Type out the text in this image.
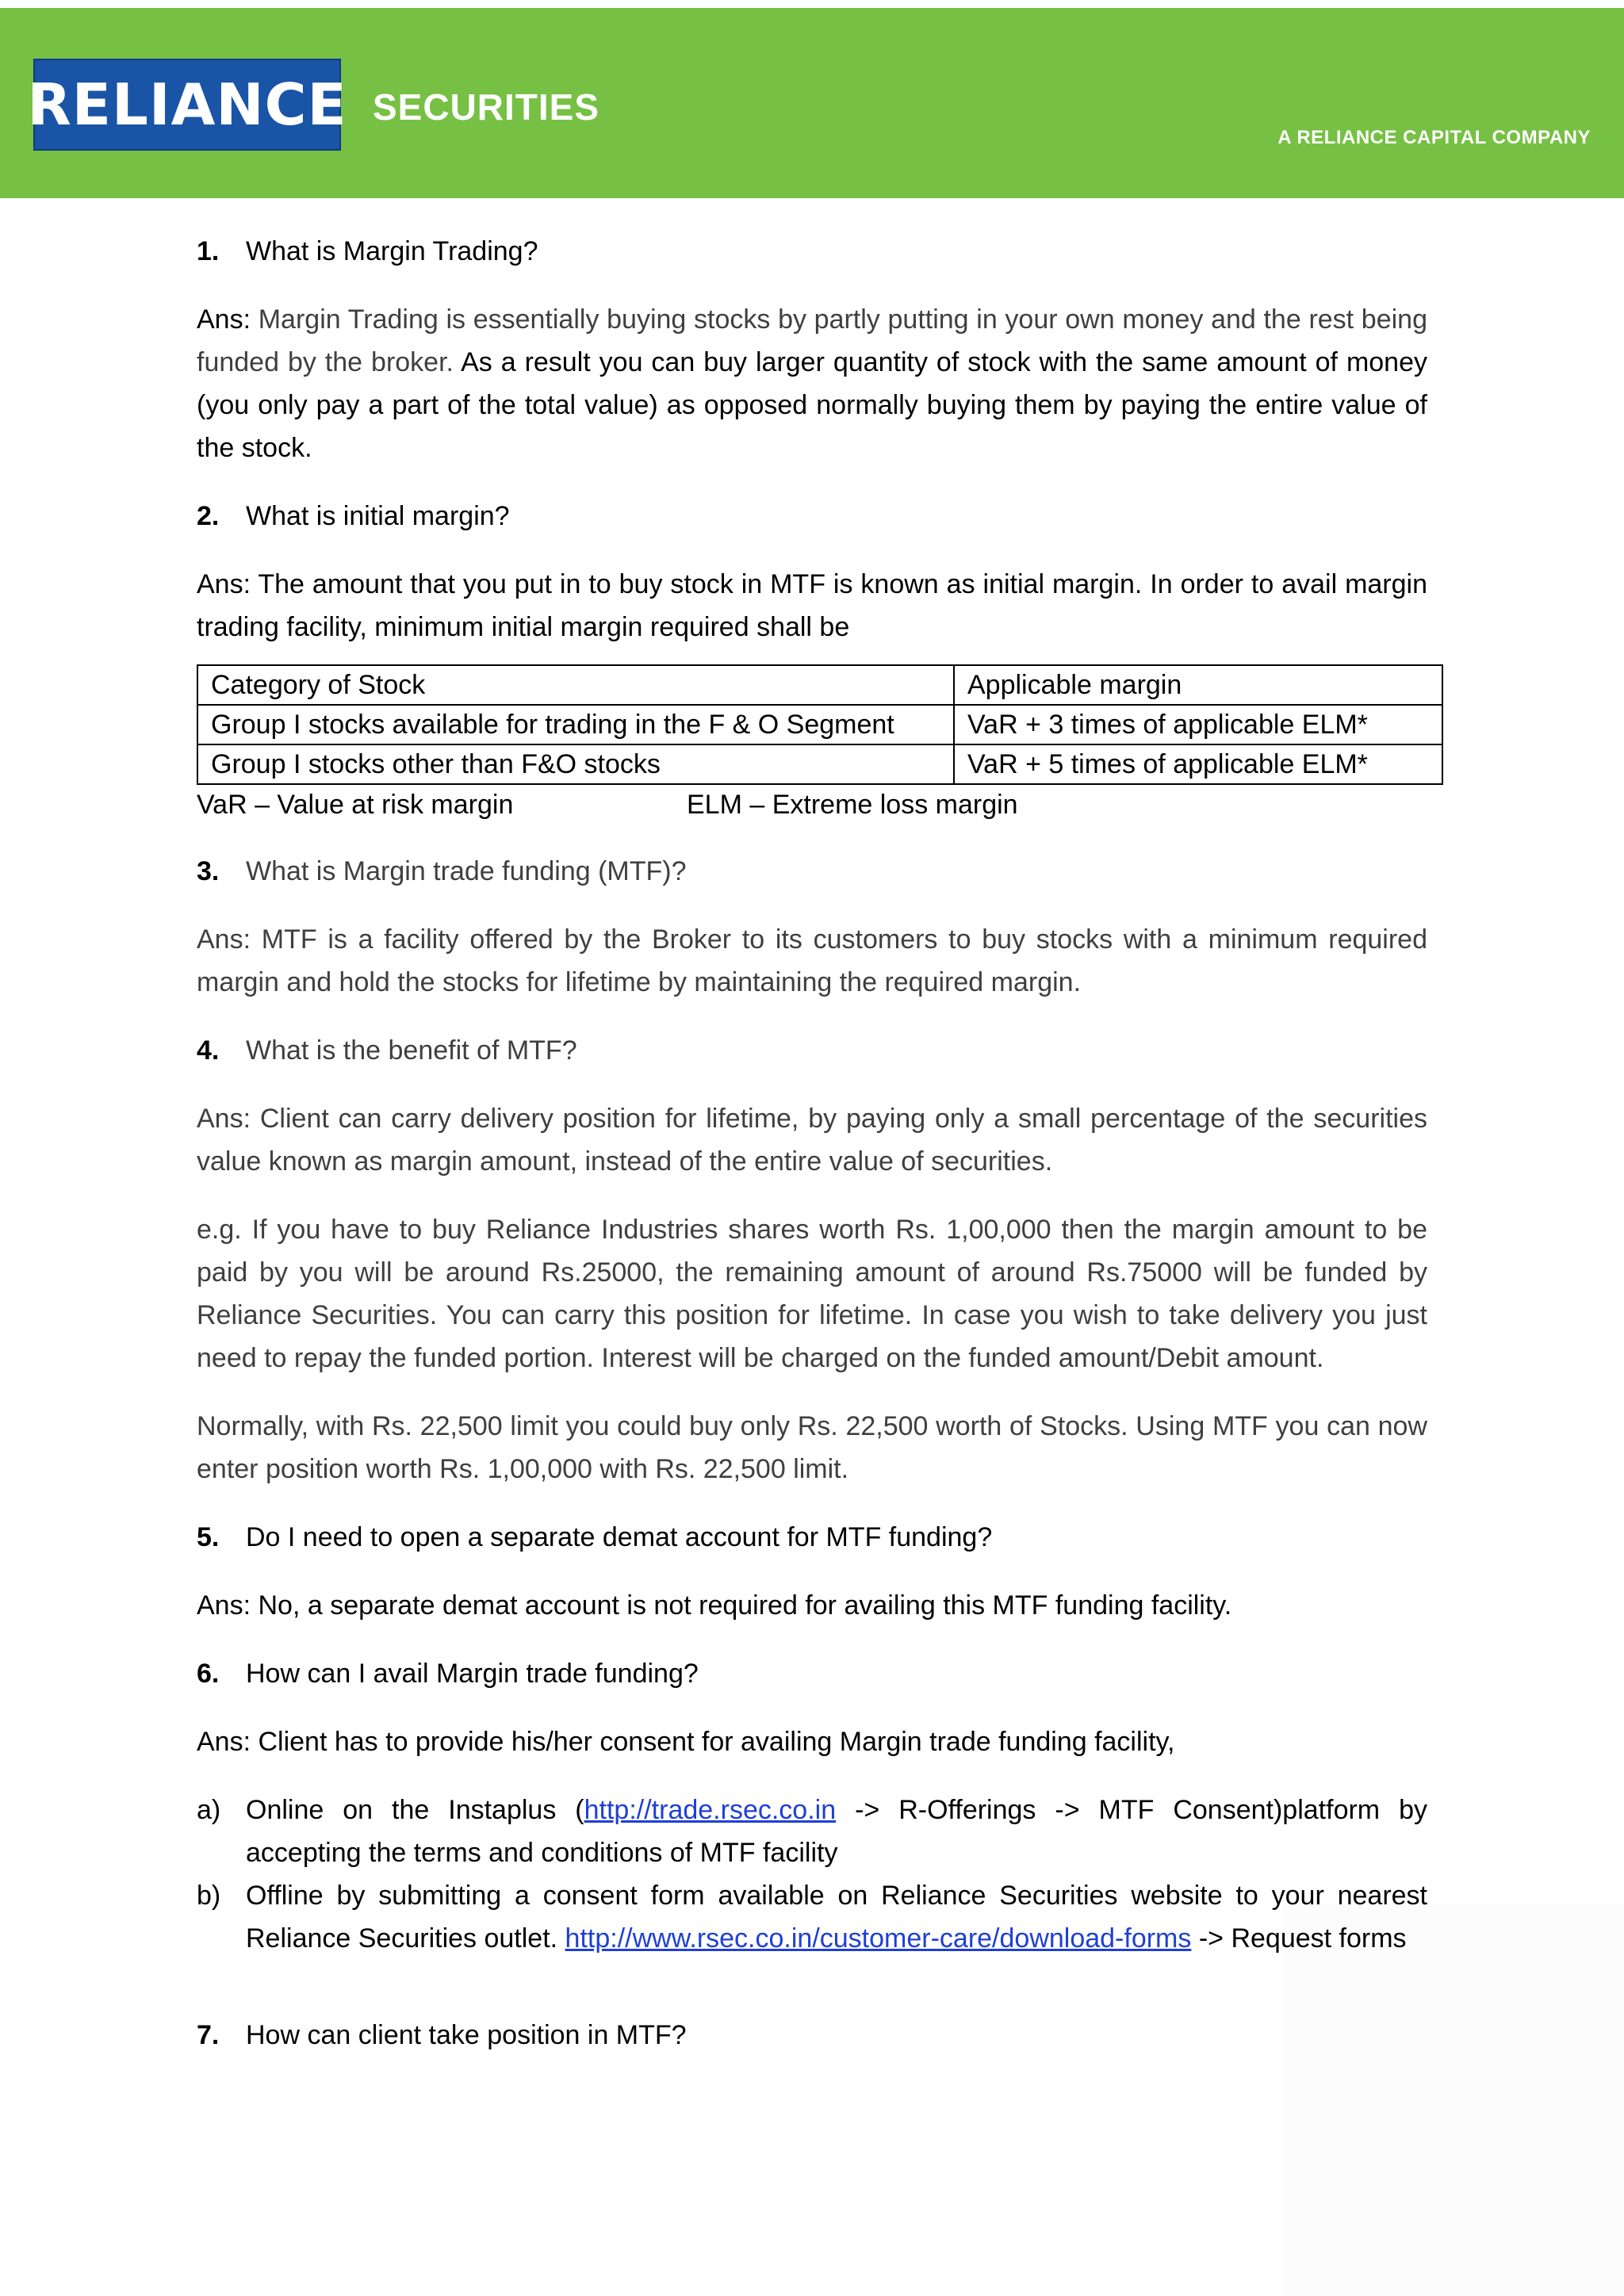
RELIANCE SECURITIES
A RELIANCE CAPITAL COMPANY
1. What is Margin Trading?

Ans: Margin Trading is essentially buying stocks by partly putting in your own money and the rest being funded by the broker. As a result you can buy larger quantity of stock with the same amount of money (you only pay a part of the total value) as opposed normally buying them by paying the entire value of the stock.

2. What is initial margin?

Ans: The amount that you put in to buy stock in MTF is known as initial margin. In order to avail margin trading facility, minimum initial margin required shall be

Category of Stock	Applicable margin
Group I stocks available for trading in the F & O Segment	VaR + 3 times of applicable ELM*
Group I stocks other than F&O stocks	VaR + 5 times of applicable ELM*
VaR – Value at risk margin	ELM – Extreme loss margin
3. What is Margin trade funding (MTF)?

Ans: MTF is a facility offered by the Broker to its customers to buy stocks with a minimum required margin and hold the stocks for lifetime by maintaining the required margin.

4. What is the benefit of MTF?

Ans: Client can carry delivery position for lifetime, by paying only a small percentage of the securities value known as margin amount, instead of the entire value of securities.

e.g. If you have to buy Reliance Industries shares worth Rs. 1,00,000 then the margin amount to be paid by you will be around Rs.25000, the remaining amount of around Rs.75000 will be funded by Reliance Securities. You can carry this position for lifetime. In case you wish to take delivery you just need to repay the funded portion. Interest will be charged on the funded amount/Debit amount.

Normally, with Rs. 22,500 limit you could buy only Rs. 22,500 worth of Stocks. Using MTF you can now enter position worth Rs. 1,00,000 with Rs. 22,500 limit.

5. Do I need to open a separate demat account for MTF funding?

Ans: No, a separate demat account is not required for availing this MTF funding facility.

6. How can I avail Margin trade funding?

Ans: Client has to provide his/her consent for availing Margin trade funding facility,

a) Online on the Instaplus (http://trade.rsec.co.in -> R-Offerings -> MTF Consent)platform by accepting the terms and conditions of MTF facility
b) Offline by submitting a consent form available on Reliance Securities website to your nearest Reliance Securities outlet. http://www.rsec.co.in/customer-care/download-forms -> Request forms
7. How can client take position in MTF?
